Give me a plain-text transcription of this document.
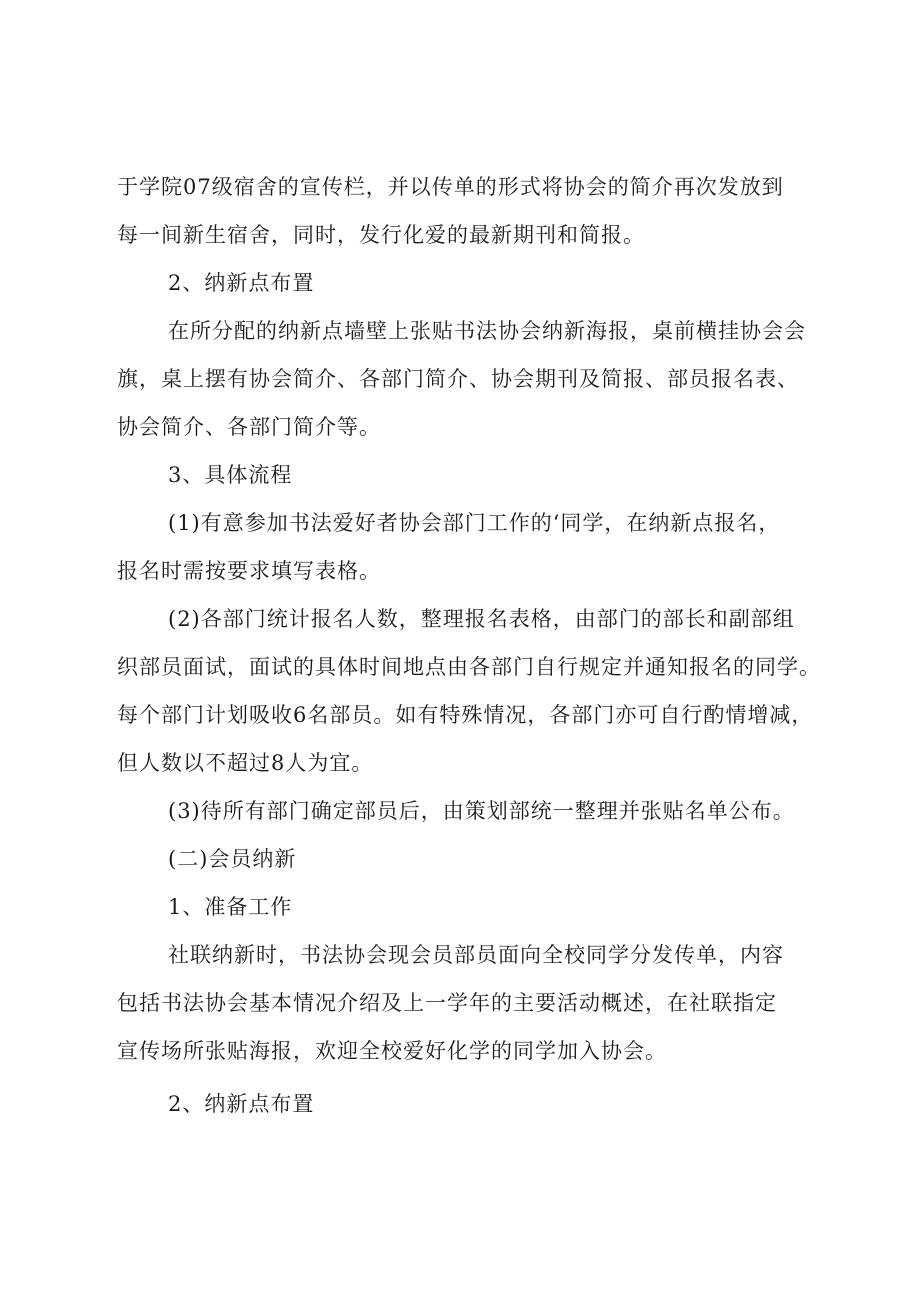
于学院07级宿舍的宣传栏，并以传单的形式将协会的简介再次发放到
每一间新生宿舍，同时，发行化爱的最新期刊和简报。
2、纳新点布置
在所分配的纳新点墙壁上张贴书法协会纳新海报，桌前横挂协会会
旗，桌上摆有协会简介、各部门简介、协会期刊及简报、部员报名表、
协会简介、各部门简介等。
3、具体流程
(1)有意参加书法爱好者协会部门工作的‘同学，在纳新点报名，
报名时需按要求填写表格。
(2)各部门统计报名人数，整理报名表格，由部门的部长和副部组
织部员面试，面试的具体时间地点由各部门自行规定并通知报名的同学。
每个部门计划吸收6名部员。如有特殊情况，各部门亦可自行酌情增减，
但人数以不超过8人为宜。
(3)待所有部门确定部员后，由策划部统一整理并张贴名单公布。
(二)会员纳新
1、准备工作
社联纳新时，书法协会现会员部员面向全校同学分发传单，内容
包括书法协会基本情况介绍及上一学年的主要活动概述，在社联指定
宣传场所张贴海报，欢迎全校爱好化学的同学加入协会。
2、纳新点布置
